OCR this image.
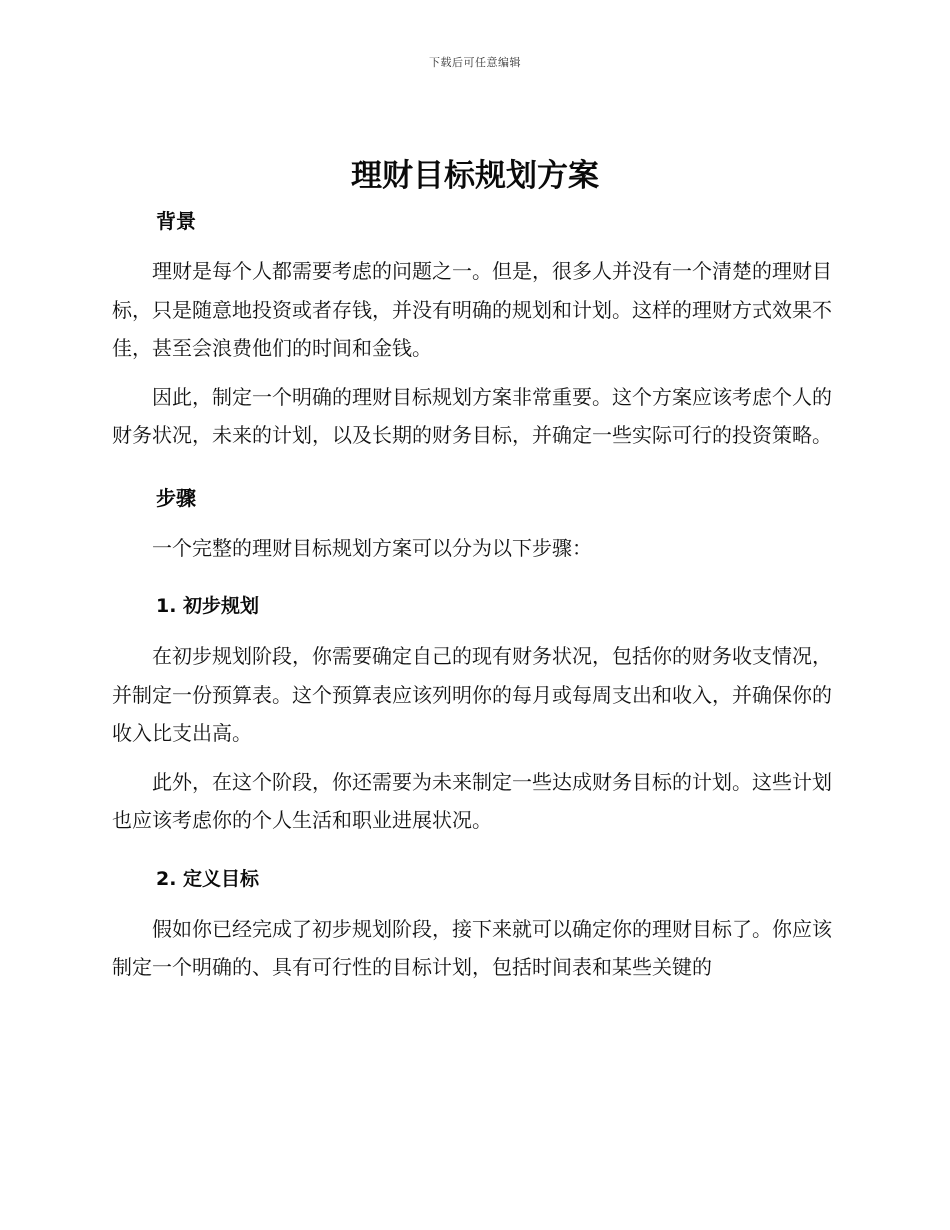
下载后可任意编辑
理财目标规划方案
背景

理财是每个人都需要考虑的问题之一。但是，很多人并没有一个清楚的理财目标，只是随意地投资或者存钱，并没有明确的规划和计划。这样的理财方式效果不佳，甚至会浪费他们的时间和金钱。

因此，制定一个明确的理财目标规划方案非常重要。这个方案应该考虑个人的财务状况，未来的计划，以及长期的财务目标，并确定一些实际可行的投资策略。

步骤

一个完整的理财目标规划方案可以分为以下步骤：

1. 初步规划

在初步规划阶段，你需要确定自己的现有财务状况，包括你的财务收支情况，并制定一份预算表。这个预算表应该列明你的每月或每周支出和收入，并确保你的收入比支出高。

此外，在这个阶段，你还需要为未来制定一些达成财务目标的计划。这些计划也应该考虑你的个人生活和职业进展状况。

2. 定义目标

假如你已经完成了初步规划阶段，接下来就可以确定你的理财目标了。你应该制定一个明确的、具有可行性的目标计划，包括时间表和某些关键的
